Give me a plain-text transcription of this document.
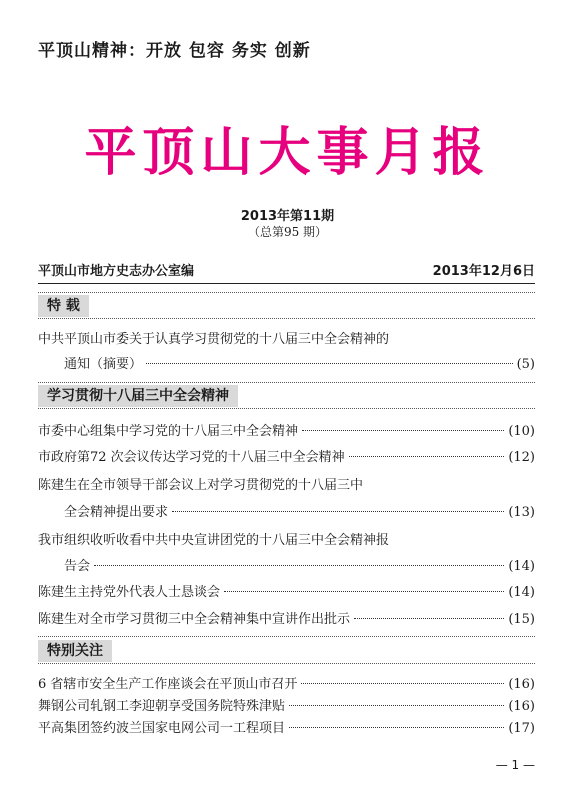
平顶山精神：开放 包容 务实 创新
平顶山大事月报
2013年第11期
（总第95 期）
平顶山市地方史志办公室编	2013年12月6日
特 载
中共平顶山市委关于认真学习贯彻党的十八届三中全会精神的
通知（摘要）	(5)
学习贯彻十八届三中全会精神
市委中心组集中学习党的十八届三中全会精神	(10)
市政府第72 次会议传达学习党的十八届三中全会精神	(12)
陈建生在全市领导干部会议上对学习贯彻党的十八届三中
全会精神提出要求	(13)
我市组织收听收看中共中央宣讲团党的十八届三中全会精神报
告会	(14)
陈建生主持党外代表人士恳谈会	(14)
陈建生对全市学习贯彻三中全会精神集中宣讲作出批示	(15)
特别关注
6 省辖市安全生产工作座谈会在平顶山市召开	(16)
舞钢公司轧钢工李迎朝享受国务院特殊津贴	(16)
平高集团签约波兰国家电网公司一工程项目	(17)
— 1 —
